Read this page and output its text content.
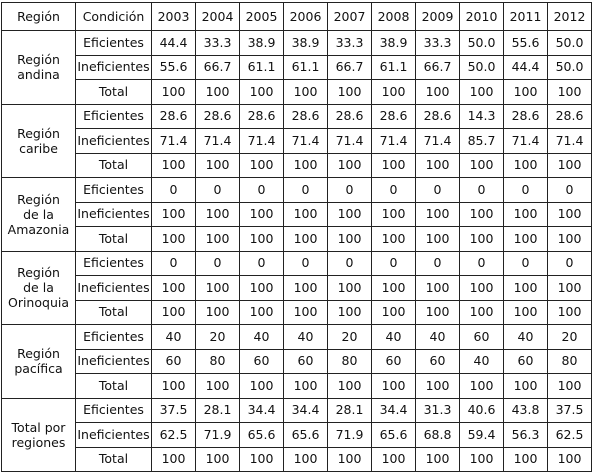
Región	Condición	2003	2004	2005	2006	2007	2008	2009	2010	2011	2012
Región
andina	Eficientes	44.4	33.3	38.9	38.9	33.3	38.9	33.3	50.0	55.6	50.0
	Ineficientes	55.6	66.7	61.1	61.1	66.7	61.1	66.7	50.0	44.4	50.0
	Total	100	100	100	100	100	100	100	100	100	100
Región
caribe	Eficientes	28.6	28.6	28.6	28.6	28.6	28.6	28.6	14.3	28.6	28.6
	Ineficientes	71.4	71.4	71.4	71.4	71.4	71.4	71.4	85.7	71.4	71.4
	Total	100	100	100	100	100	100	100	100	100	100
Región
de la
Amazonia	Eficientes	0	0	0	0	0	0	0	0	0	0
	Ineficientes	100	100	100	100	100	100	100	100	100	100
	Total	100	100	100	100	100	100	100	100	100	100
Región
de la
Orinoquia	Eficientes	0	0	0	0	0	0	0	0	0	0
	Ineficientes	100	100	100	100	100	100	100	100	100	100
	Total	100	100	100	100	100	100	100	100	100	100
Región
pacífica	Eficientes	40	20	40	40	20	40	40	60	40	20
	Ineficientes	60	80	60	60	80	60	60	40	60	80
	Total	100	100	100	100	100	100	100	100	100	100
Total por
regiones	Eficientes	37.5	28.1	34.4	34.4	28.1	34.4	31.3	40.6	43.8	37.5
	Ineficientes	62.5	71.9	65.6	65.6	71.9	65.6	68.8	59.4	56.3	62.5
	Total	100	100	100	100	100	100	100	100	100	100
